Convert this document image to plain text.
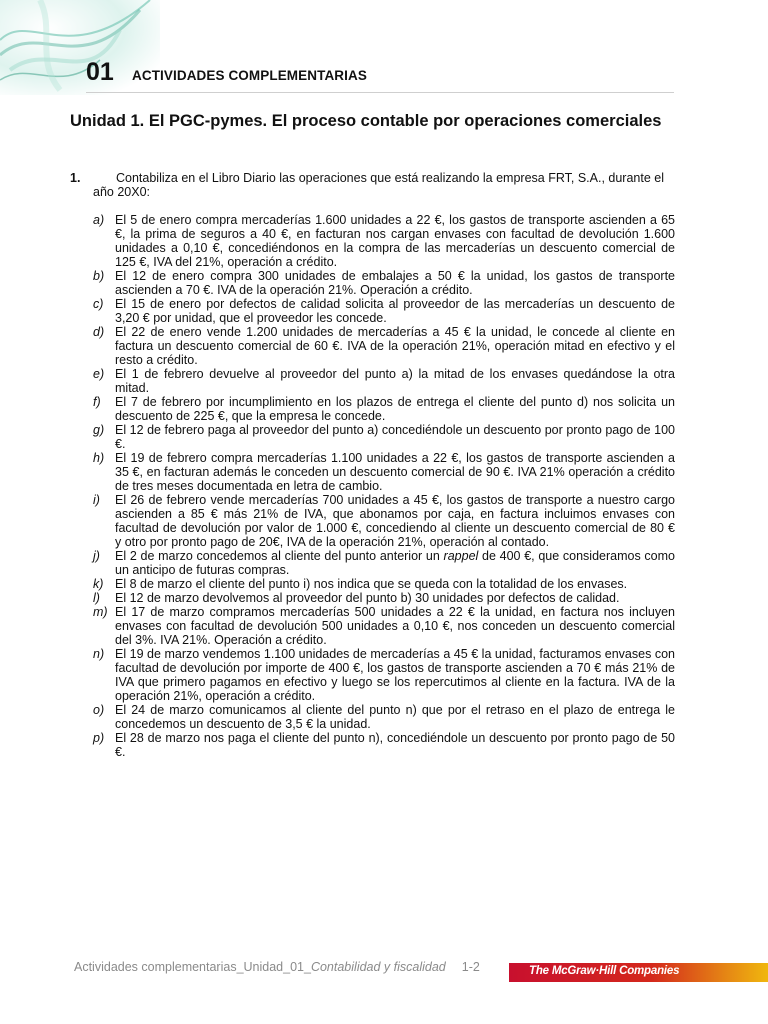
01 ACTIVIDADES COMPLEMENTARIAS
Unidad 1. El PGC-pymes. El proceso contable por operaciones comerciales
1.	Contabiliza en el Libro Diario las operaciones que está realizando la empresa FRT, S.A., durante el año 20X0:
a) El 5 de enero compra mercaderías 1.600 unidades a 22 €, los gastos de transporte ascienden a 65 €, la prima de seguros a 40 €, en facturan nos cargan envases con facultad de devolución 1.600 unidades a 0,10 €, concediéndonos en la compra de las mercaderías un descuento comercial de 125 €, IVA del 21%, operación a crédito.
b) El 12 de enero compra 300 unidades de embalajes a 50 € la unidad, los gastos de transporte ascienden a 70 €. IVA de la operación 21%. Operación a crédito.
c) El 15 de enero por defectos de calidad solicita al proveedor de las mercaderías un descuento de 3,20 € por unidad, que el proveedor les concede.
d) El 22 de enero vende 1.200 unidades de mercaderías a 45 € la unidad, le concede al cliente en factura un descuento comercial de 60 €. IVA de la operación 21%, operación mitad en efectivo y el resto a crédito.
e) El 1 de febrero devuelve al proveedor del punto a) la mitad de los envases quedándose la otra mitad.
f) El 7 de febrero por incumplimiento en los plazos de entrega el cliente del punto d) nos solicita un descuento de 225 €, que la empresa le concede.
g) El 12 de febrero paga al proveedor del punto a) concediéndole un descuento por pronto pago de 100 €.
h) El 19 de febrero compra mercaderías 1.100 unidades a 22 €, los gastos de transporte ascienden a 35 €, en facturan además le conceden un descuento comercial de 90 €. IVA 21% operación a crédito de tres meses documentada en letra de cambio.
i) El 26 de febrero vende mercaderías 700 unidades a 45 €, los gastos de transporte a nuestro cargo ascienden a 85 € más 21% de IVA, que abonamos por caja, en factura incluimos envases con facultad de devolución por valor de 1.000 €, concediendo al cliente un descuento comercial de 80 € y otro por pronto pago de 20€, IVA de la operación 21%, operación al contado.
j) El 2 de marzo concedemos al cliente del punto anterior un rappel de 400 €, que consideramos como un anticipo de futuras compras.
k) El 8 de marzo el cliente del punto i) nos indica que se queda con la totalidad de los envases.
l) El 12 de marzo devolvemos al proveedor del punto b) 30 unidades por defectos de calidad.
m) El 17 de marzo compramos mercaderías 500 unidades a 22 € la unidad, en factura nos incluyen envases con facultad de devolución 500 unidades a 0,10 €, nos conceden un descuento comercial del 3%. IVA 21%. Operación a crédito.
n) El 19 de marzo vendemos 1.100 unidades de mercaderías a 45 € la unidad, facturamos envases con facultad de devolución por importe de 400 €, los gastos de transporte ascienden a 70 € más 21% de IVA que primero pagamos en efectivo y luego se los repercutimos al cliente en la factura. IVA de la operación 21%, operación a crédito.
o) El 24 de marzo comunicamos al cliente del punto n) que por el retraso en el plazo de entrega le concedemos un descuento de 3,5 € la unidad.
p) El 28 de marzo nos paga el cliente del punto n), concediéndole un descuento por pronto pago de 50 €.
Actividades complementarias_Unidad_01_Contabilidad y fiscalidad 1-2	The McGraw·Hill Companies
